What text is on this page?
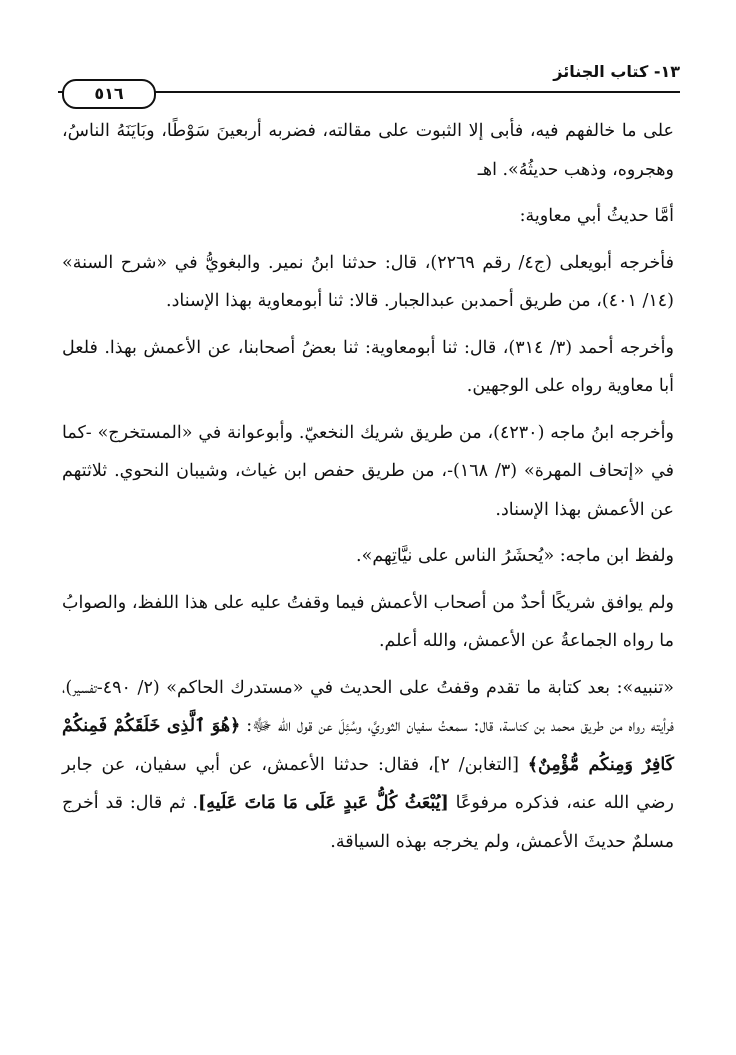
١٣- كتاب الجنائز
٥١٦

على ما خالفهم فيه، فأبى إلا الثبوت على مقالته، فضربه أربعينَ سَوْطًا، وبَايَنَهُ الناسُ، وهجروه، وذهب حديثُهُ». اهـ

أمَّا حديثُ أبي معاوية:

فأخرجه أبويعلى (ج٤/ رقم ٢٢٦٩)، قال: حدثنا ابنُ نمير. والبغويُّ في «شرح السنة» (١٤/ ٤٠١)، من طريق أحمدبن عبدالجبار. قالا: ثنا أبومعاوية بهذا الإسناد.

وأخرجه أحمد (٣/ ٣١٤)، قال: ثنا أبومعاوية: ثنا بعضُ أصحابنا، عن الأعمش بهذا. فلعل أبا معاوية رواه على الوجهين.

وأخرجه ابنُ ماجه (٤٢٣٠)، من طريق شريك النخعيّ. وأبوعوانة في «المستخرج» -كما في «إتحاف المهرة» (٣/ ١٦٨)-، من طريق حفص ابن غياث، وشيبان النحوي. ثلاثتهم عن الأعمش بهذا الإسناد.

ولفظ ابن ماجه: «يُحشَرُ الناس على نيَّاتِهم».

ولم يوافق شريكًا أحدٌ من أصحاب الأعمش فيما وقفتُ عليه على هذا اللفظ، والصوابُ ما رواه الجماعةُ عن الأعمش، والله أعلم.

«تنبيه»: بعد كتابة ما تقدم وقفتُ على الحديث في «مستدرك الحاكم» (٢/ ٤٩٠-تفسير)، فرأيته رواه من طريق محمد بن كناسة، قال: سمعتُ سفيان الثوريَّ، وسُئِلَ عن قول الله ﷻ: ﴿هُوَ ٱلَّذِى خَلَقَكُمْ فَمِنكُمْ كَافِرٌ وَمِنكُم مُّؤْمِنٌ﴾ [التغابن/ ٢]، فقال: حدثنا الأعمش، عن أبي سفيان، عن جابر رضي الله عنه، فذكره مرفوعًا [يُبْعَثُ كُلُّ عَبدٍ عَلَى مَا مَاتَ عَلَيهِ]. ثم قال: قد أخرج مسلمٌ حديثَ الأعمش، ولم يخرجه بهذه السياقة.
